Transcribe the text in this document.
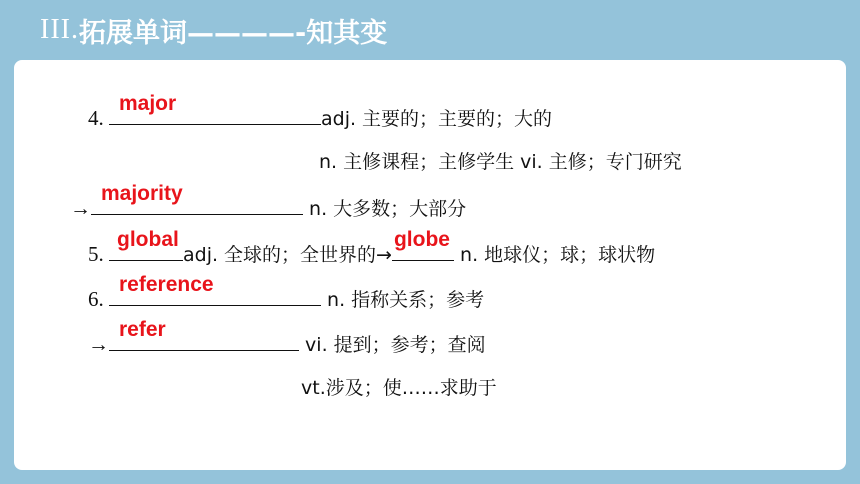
III. 拓展单词————-知其变
4.
major
adj. 主要的；主要的；大的
n. 主修课程；主修学生 vi. 主修；专门研究
→
majority
n. 大多数；大部分
5.
global
adj. 全球的；全世界的→
globe
n. 地球仪；球；球状物
6.
reference
n. 指称关系；参考
→
refer
vi. 提到；参考；查阅
vt.涉及；使……求助于
